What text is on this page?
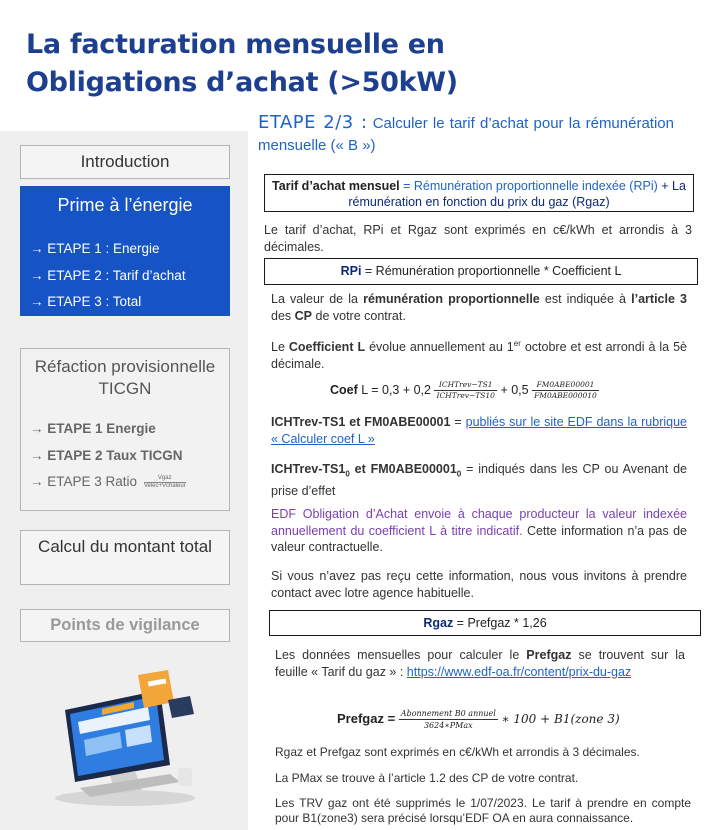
La facturation mensuelle en
Obligations d’achat (>50kW)
Introduction
Prime à l’énergie
→ ETAPE 1 : Energie
→ ETAPE 2 : Tarif d’achat
→ ETAPE 3 : Total
Réfaction provisionnelle TICGN
→ ETAPE 1 Energie
→ ETAPE 2 Taux TICGN
→ ETAPE 3 Ratio $\frac{\text{Vgaz}}{\text{Velec+Vchaleur}}$
Calcul du montant total
Points de vigilance
ETAPE 2/3 : Calculer le tarif d’achat pour la rémunération mensuelle (« B »)
Tarif d’achat mensuel = Rémunération proportionnelle indexée (RPi) + La rémunération en fonction du prix du gaz (Rgaz)
Le tarif d’achat, RPi et Rgaz sont exprimés en c€/kWh et arrondis à 3 décimales.
RPi = Rémunération proportionnelle * Coefficient L
La valeur de la rémunération proportionnelle est indiquée à l’article 3 des CP de votre contrat.
Le Coefficient L évolue annuellement au 1er octobre et est arrondi à la 5è décimale.
Coef $L = 0,3 + 0,2 \frac{\text{ICHTrev−TS1}}{\text{ICHTrev−TS10}} + 0,5 \frac{\text{FM0ABE00001}}{\text{FM0ABE000010}}$
ICHTrev-TS1 et FM0ABE00001 = publiés sur le site EDF dans la rubrique « Calculer coef L »
ICHTrev-$TS1_0$ et $FM0ABE00001_0$ = indiqués dans les CP ou Avenant de prise d’effet
EDF Obligation d’Achat envoie à chaque producteur la valeur indexée annuellement du coefficient L à titre indicatif. Cette information n’a pas de valeur contractuelle.
Si vous n’avez pas reçu cette information, nous vous invitons à prendre contact avec lotre agence habituelle.
Rgaz = Prefgaz * 1,26
Les données mensuelles pour calculer le Prefgaz se trouvent sur la feuille « Tarif du gaz » : https://www.edf-oa.fr/content/prix-du-gaz
Prefgaz = Abonnement B0 annuel
3624∗PMax	∗ 100 + B1(zone 3)
Rgaz et Prefgaz sont exprimés en c€/kWh et arrondis à 3 décimales.
La PMax se trouve à l’article 1.2 des CP de votre contrat.
Les TRV gaz ont été supprimés le 1/07/2023. Le tarif à prendre en compte pour B1(zone3) sera précisé lorsqu’EDF OA en aura connaissance.
